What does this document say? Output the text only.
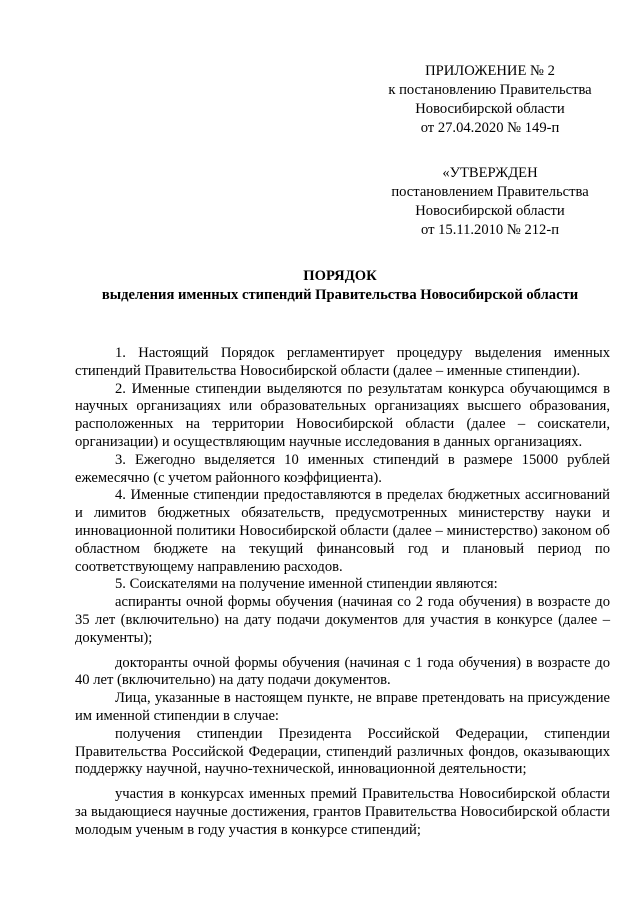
ПРИЛОЖЕНИЕ № 2
к постановлению Правительства
Новосибирской области
от 27.04.2020 № 149-п
«УТВЕРЖДЕН
постановлением Правительства
Новосибирской области
от 15.11.2010 № 212-п
ПОРЯДОК
выделения именных стипендий Правительства Новосибирской области

1. Настоящий Порядок регламентирует процедуру выделения именных стипендий Правительства Новосибирской области (далее – именные стипендии).

2. Именные стипендии выделяются по результатам конкурса обучающимся в научных организациях или образовательных организациях высшего образования, расположенных на территории Новосибирской области (далее – соискатели, организации) и осуществляющим научные исследования в данных организациях.

3. Ежегодно выделяется 10 именных стипендий в размере 15000 рублей ежемесячно (с учетом районного коэффициента).

4. Именные стипендии предоставляются в пределах бюджетных ассигнований и лимитов бюджетных обязательств, предусмотренных министерству науки и инновационной политики Новосибирской области (далее – министерство) законом об областном бюджете на текущий финансовый год и плановый период по соответствующему направлению расходов.

5. Соискателями на получение именной стипендии являются:

аспиранты очной формы обучения (начиная со 2 года обучения) в возрасте до 35 лет (включительно) на дату подачи документов для участия в конкурсе (далее – документы);

докторанты очной формы обучения (начиная с 1 года обучения) в возрасте до 40 лет (включительно) на дату подачи документов.

Лица, указанные в настоящем пункте, не вправе претендовать на присуждение им именной стипендии в случае:

получения стипендии Президента Российской Федерации, стипендии Правительства Российской Федерации, стипендий различных фондов, оказывающих поддержку научной, научно-технической, инновационной деятельности;

участия в конкурсах именных премий Правительства Новосибирской области за выдающиеся научные достижения, грантов Правительства Новосибирской области молодым ученым в году участия в конкурсе стипендий;
